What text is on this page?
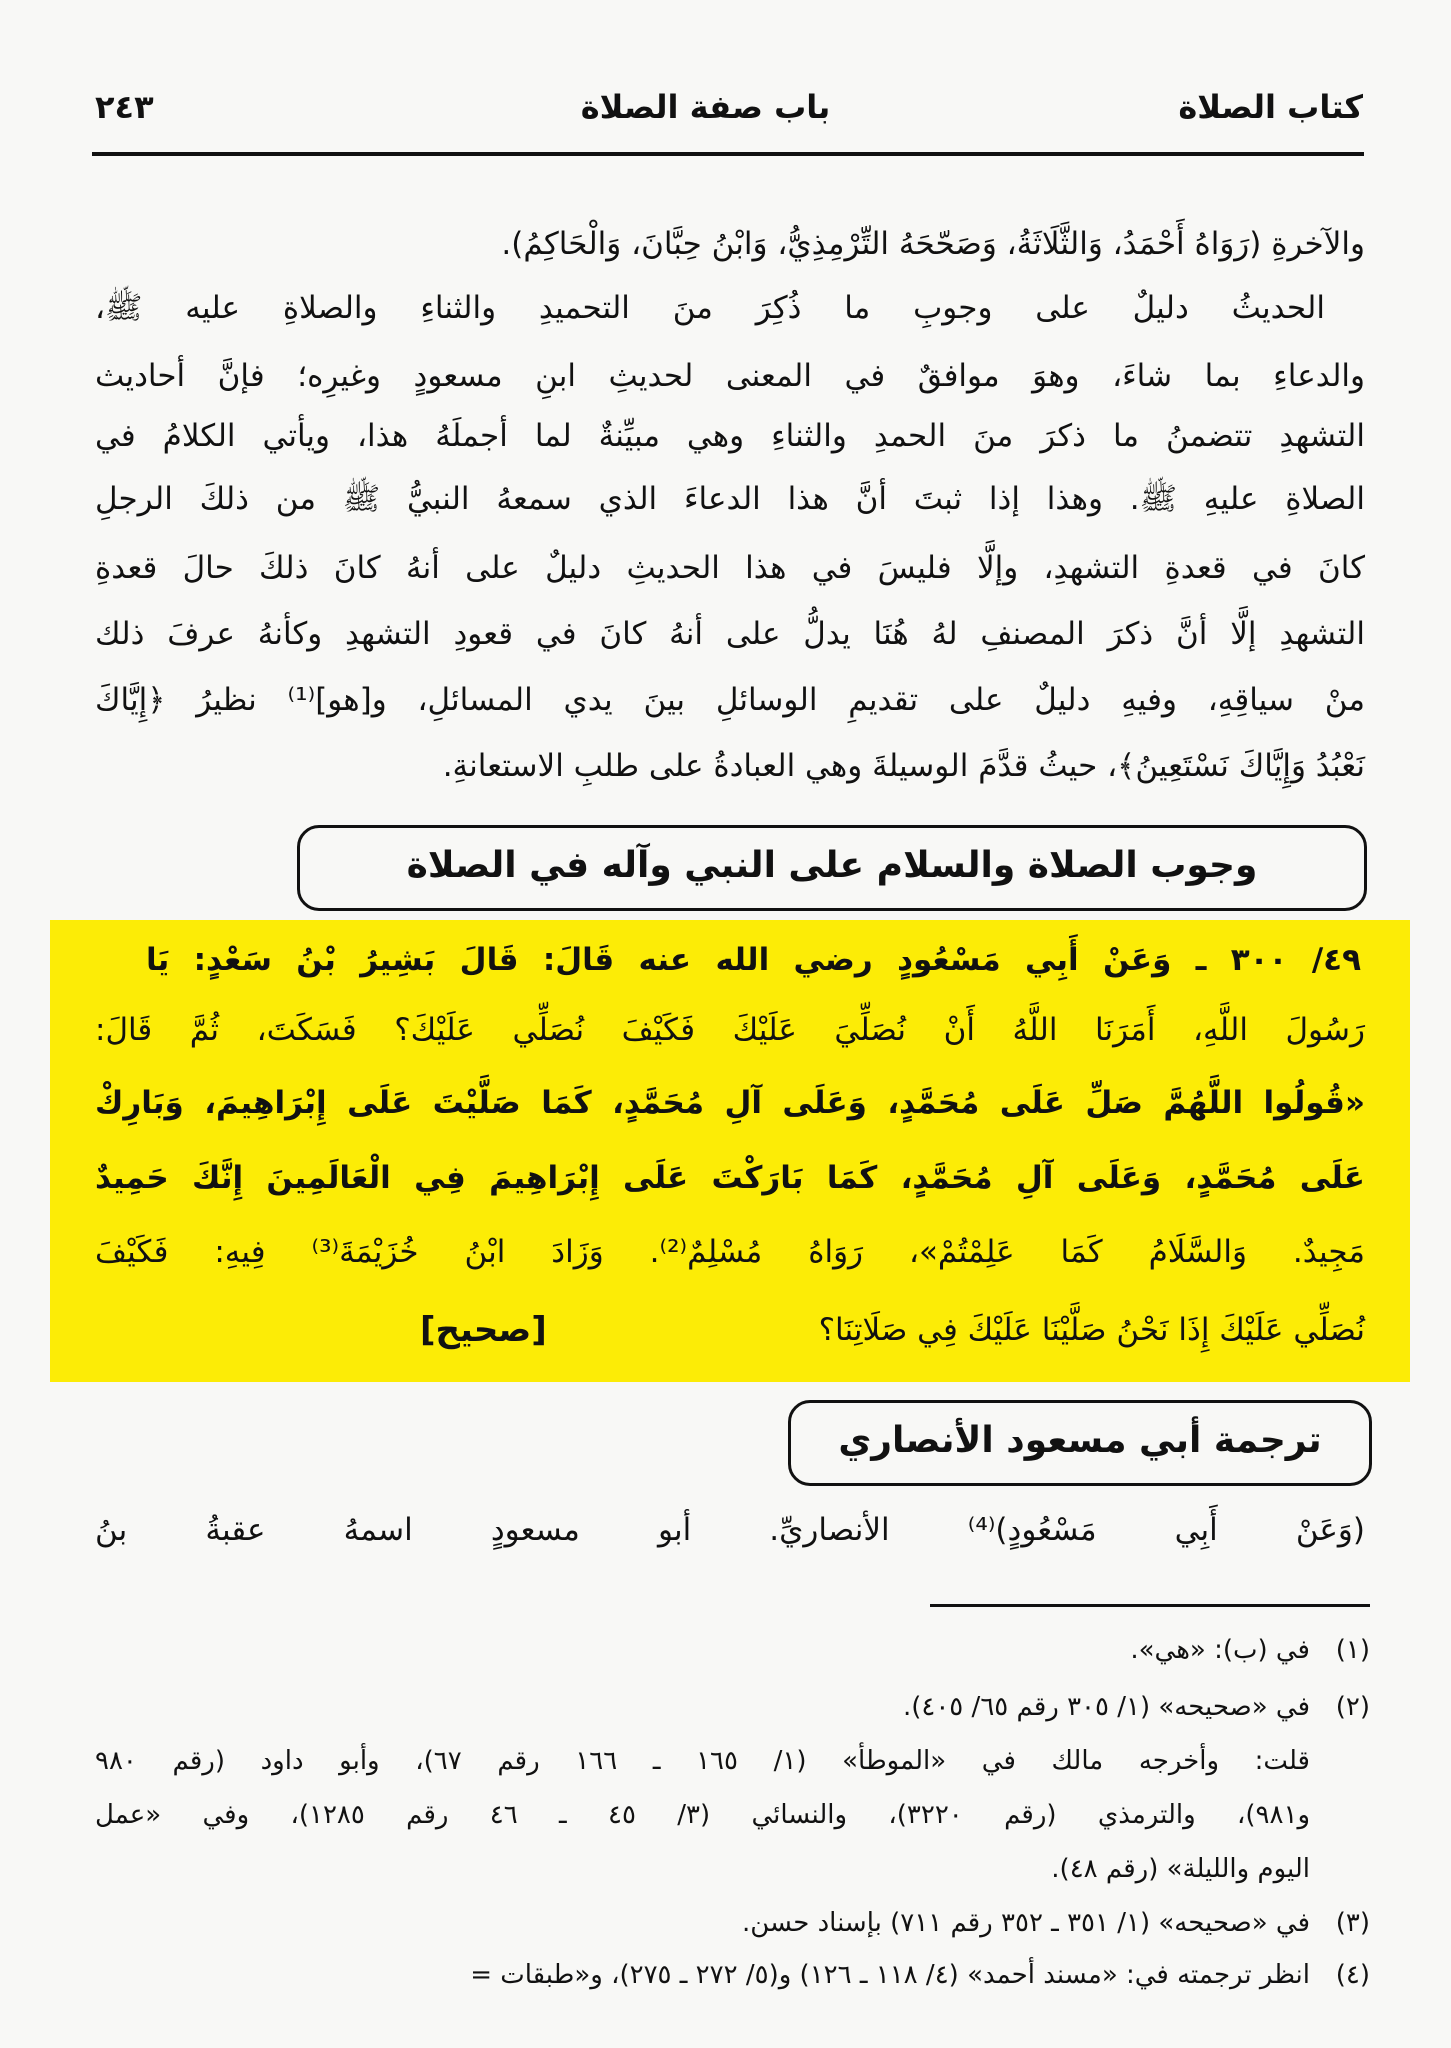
كتاب الصلاة
باب صفة الصلاة
٢٤٣
والآخرةِ (رَوَاهُ أَحْمَدُ، وَالثَّلَاثَةُ، وَصَحّحَهُ التِّرْمِذِيُّ، وَابْنُ حِبَّانَ، وَالْحَاكِمُ).
الحديثُ دليلٌ على وجوبِ ما ذُكِرَ منَ التحميدِ والثناءِ والصلاةِ عليه ﷺ،
والدعاءِ بما شاءَ، وهوَ موافقٌ في المعنى لحديثِ ابنِ مسعودٍ وغيرِه؛ فإنَّ أحاديث
التشهدِ تتضمنُ ما ذكرَ منَ الحمدِ والثناءِ وهي مبيِّنةٌ لما أجملَهُ هذا، ويأتي الكلامُ في
الصلاةِ عليهِ ﷺ. وهذا إذا ثبتَ أنَّ هذا الدعاءَ الذي سمعهُ النبيُّ ﷺ من ذلكَ الرجلِ
كانَ في قعدةِ التشهدِ، وإلَّا فليسَ في هذا الحديثِ دليلٌ على أنهُ كانَ ذلكَ حالَ قعدةِ
التشهدِ إلَّا أنَّ ذكرَ المصنفِ لهُ هُنَا يدلُّ على أنهُ كانَ في قعودِ التشهدِ وكأنهُ عرفَ ذلك
منْ سياقِهِ، وفيهِ دليلٌ على تقديمِ الوسائلِ بينَ يدي المسائلِ، و[هو]⁽¹⁾ نظيرُ ﴿إِيَّاكَ
نَعْبُدُ وَإِيَّاكَ نَسْتَعِينُ﴾، حيثُ قدَّمَ الوسيلةَ وهي العبادةُ على طلبِ الاستعانةِ.
وجوب الصلاة والسلام على النبي وآله في الصلاة
٤٩/ ٣٠٠ ـ وَعَنْ أَبِي مَسْعُودٍ رضي الله عنه قَالَ: قَالَ بَشِيرُ بْنُ سَعْدٍ: يَا
رَسُولَ اللَّهِ، أَمَرَنَا اللَّهُ أَنْ نُصَلِّيَ عَلَيْكَ فَكَيْفَ نُصَلِّي عَلَيْكَ؟ فَسَكَتَ، ثُمَّ قَالَ:
«قُولُوا اللَّهُمَّ صَلِّ عَلَى مُحَمَّدٍ، وَعَلَى آلِ مُحَمَّدٍ، كَمَا صَلَّيْتَ عَلَى إِبْرَاهِيمَ، وَبَارِكْ
عَلَى مُحَمَّدٍ، وَعَلَى آلِ مُحَمَّدٍ، كَمَا بَارَكْتَ عَلَى إِبْرَاهِيمَ فِي الْعَالَمِينَ إِنَّكَ حَمِيدٌ
مَجِيدٌ. وَالسَّلَامُ كَمَا عَلِمْتُمْ»، رَوَاهُ مُسْلِمٌ⁽²⁾. وَزَادَ ابْنُ خُزَيْمَةَ⁽³⁾ فِيهِ: فَكَيْفَ
نُصَلِّي عَلَيْكَ إِذَا نَحْنُ صَلَّيْنَا عَلَيْكَ فِي صَلَاتِنَا؟
[صحيح]
ترجمة أبي مسعود الأنصاري
(وَعَنْ أَبِي مَسْعُودٍ)⁽⁴⁾ الأنصاريِّ. أبو مسعودٍ اسمهُ عقبةُ بنُ
(١)في (ب): «هي».
(٢)في «صحيحه» (١/ ٣٠٥ رقم ٦٥/ ٤٠٥).
قلت: وأخرجه مالك في «الموطأ» (١/ ١٦٥ ـ ١٦٦ رقم ٦٧)، وأبو داود (رقم ٩٨٠
و٩٨١)، والترمذي (رقم ٣٢٢٠)، والنسائي (٣/ ٤٥ ـ ٤٦ رقم ١٢٨٥)، وفي «عمل
اليوم والليلة» (رقم ٤٨).
(٣)في «صحيحه» (١/ ٣٥١ ـ ٣٥٢ رقم ٧١١) بإسناد حسن.
(٤)انظر ترجمته في: «مسند أحمد» (٤/ ١١٨ ـ ١٢٦) و(٥/ ٢٧٢ ـ ٢٧٥)، و«طبقات =
